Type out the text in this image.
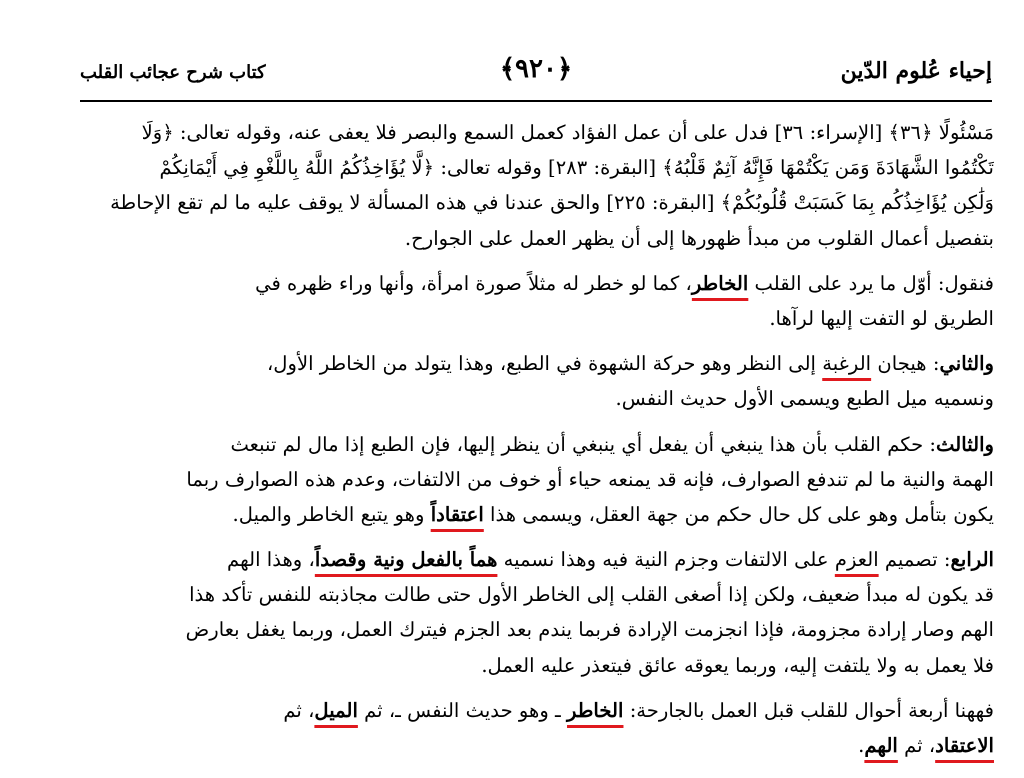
إحياء عُلوم الدّين
﴿٩٢٠﴾
كتاب شرح عجائب القلب
مَسْئُولًا ﴿٣٦﴾ [الإسراء: ٣٦] فدل على أن عمل الفؤاد كعمل السمع والبصر فلا يعفى عنه، وقوله تعالى: ﴿وَلَا
تَكْتُمُوا الشَّهَادَةَ وَمَن يَكْتُمْهَا فَإِنَّهُ آثِمٌ قَلْبُهُ﴾ [البقرة: ٢٨٣] وقوله تعالى: ﴿لَّا يُؤَاخِذُكُمُ اللَّهُ بِاللَّغْوِ فِي أَيْمَانِكُمْ
وَلَٰكِن يُؤَاخِذُكُم بِمَا كَسَبَتْ قُلُوبُكُمْ﴾ [البقرة: ٢٢٥] والحق عندنا في هذه المسألة لا يوقف عليه ما لم تقع الإحاطة
بتفصيل أعمال القلوب من مبدأ ظهورها إلى أن يظهر العمل على الجوارح.
فنقول: أوّل ما يرد على القلب الخاطر، كما لو خطر له مثلاً صورة امرأة، وأنها وراء ظهره في
الطريق لو التفت إليها لرآها.
والثاني: هيجان الرغبة إلى النظر وهو حركة الشهوة في الطبع، وهذا يتولد من الخاطر الأول،
ونسميه ميل الطبع ويسمى الأول حديث النفس.
والثالث: حكم القلب بأن هذا ينبغي أن يفعل أي ينبغي أن ينظر إليها، فإن الطبع إذا مال لم تنبعث
الهمة والنية ما لم تندفع الصوارف، فإنه قد يمنعه حياء أو خوف من الالتفات، وعدم هذه الصوارف ربما
يكون بتأمل وهو على كل حال حكم من جهة العقل، ويسمى هذا اعتقاداً وهو يتبع الخاطر والميل.
الرابع: تصميم العزم على الالتفات وجزم النية فيه وهذا نسميه هماً بالفعل ونية وقصداً، وهذا الهم
قد يكون له مبدأ ضعيف، ولكن إذا أصغى القلب إلى الخاطر الأول حتى طالت مجاذبته للنفس تأكد هذا
الهم وصار إرادة مجزومة، فإذا انجزمت الإرادة فربما يندم بعد الجزم فيترك العمل، وربما يغفل بعارض
فلا يعمل به ولا يلتفت إليه، وربما يعوقه عائق فيتعذر عليه العمل.
فههنا أربعة أحوال للقلب قبل العمل بالجارحة: الخاطر ـ وهو حديث النفس ـ، ثم الميل، ثم
الاعتقاد، ثم الهم.
